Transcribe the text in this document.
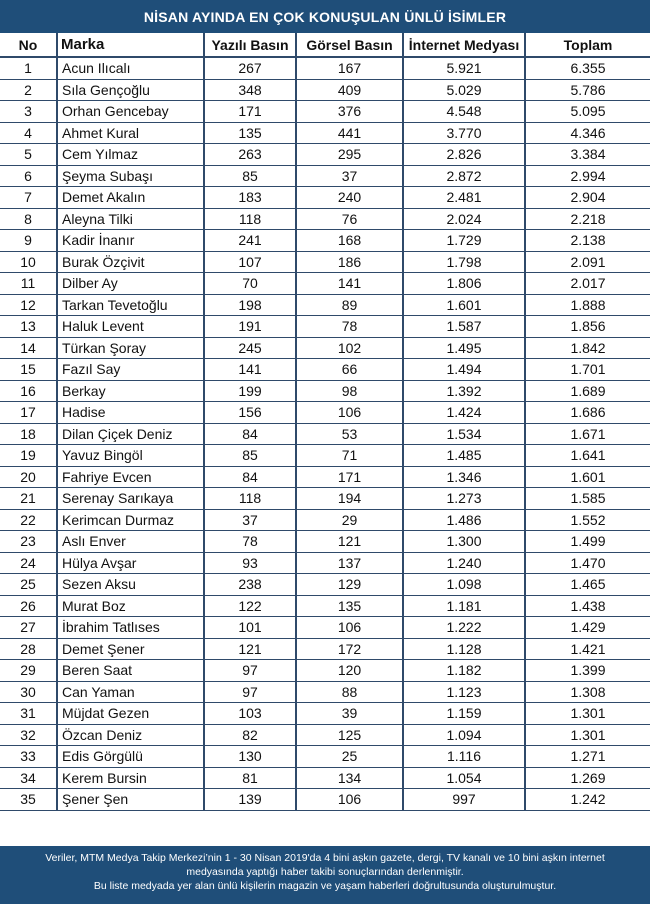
NİSAN AYINDA EN ÇOK KONUŞULAN ÜNLÜ İSİMLER
No	Marka	Yazılı Basın	Görsel Basın	İnternet Medyası	Toplam
1	Acun Ilıcalı	267	167	5.921	6.355
2	Sıla Gençoğlu	348	409	5.029	5.786
3	Orhan Gencebay	171	376	4.548	5.095
4	Ahmet Kural	135	441	3.770	4.346
5	Cem Yılmaz	263	295	2.826	3.384
6	Şeyma Subaşı	85	37	2.872	2.994
7	Demet Akalın	183	240	2.481	2.904
8	Aleyna Tilki	118	76	2.024	2.218
9	Kadir İnanır	241	168	1.729	2.138
10	Burak Özçivit	107	186	1.798	2.091
11	Dilber Ay	70	141	1.806	2.017
12	Tarkan Tevetoğlu	198	89	1.601	1.888
13	Haluk Levent	191	78	1.587	1.856
14	Türkan Şoray	245	102	1.495	1.842
15	Fazıl Say	141	66	1.494	1.701
16	Berkay	199	98	1.392	1.689
17	Hadise	156	106	1.424	1.686
18	Dilan Çiçek Deniz	84	53	1.534	1.671
19	Yavuz Bingöl	85	71	1.485	1.641
20	Fahriye Evcen	84	171	1.346	1.601
21	Serenay Sarıkaya	118	194	1.273	1.585
22	Kerimcan Durmaz	37	29	1.486	1.552
23	Aslı Enver	78	121	1.300	1.499
24	Hülya Avşar	93	137	1.240	1.470
25	Sezen Aksu	238	129	1.098	1.465
26	Murat Boz	122	135	1.181	1.438
27	İbrahim Tatlıses	101	106	1.222	1.429
28	Demet Şener	121	172	1.128	1.421
29	Beren Saat	97	120	1.182	1.399
30	Can Yaman	97	88	1.123	1.308
31	Müjdat Gezen	103	39	1.159	1.301
32	Özcan Deniz	82	125	1.094	1.301
33	Edis Görgülü	130	25	1.116	1.271
34	Kerem Bursin	81	134	1.054	1.269
35	Şener Şen	139	106	997	1.242

Veriler, MTM Medya Takip Merkezi’nin 1 - 30 Nisan 2019'da 4 bini aşkın gazete, dergi, TV kanalı ve 10 bini aşkın internet

medyasında yaptığı haber takibi sonuçlarından derlenmiştir.

Bu liste medyada yer alan ünlü kişilerin magazin ve yaşam haberleri doğrultusunda oluşturulmuştur.
